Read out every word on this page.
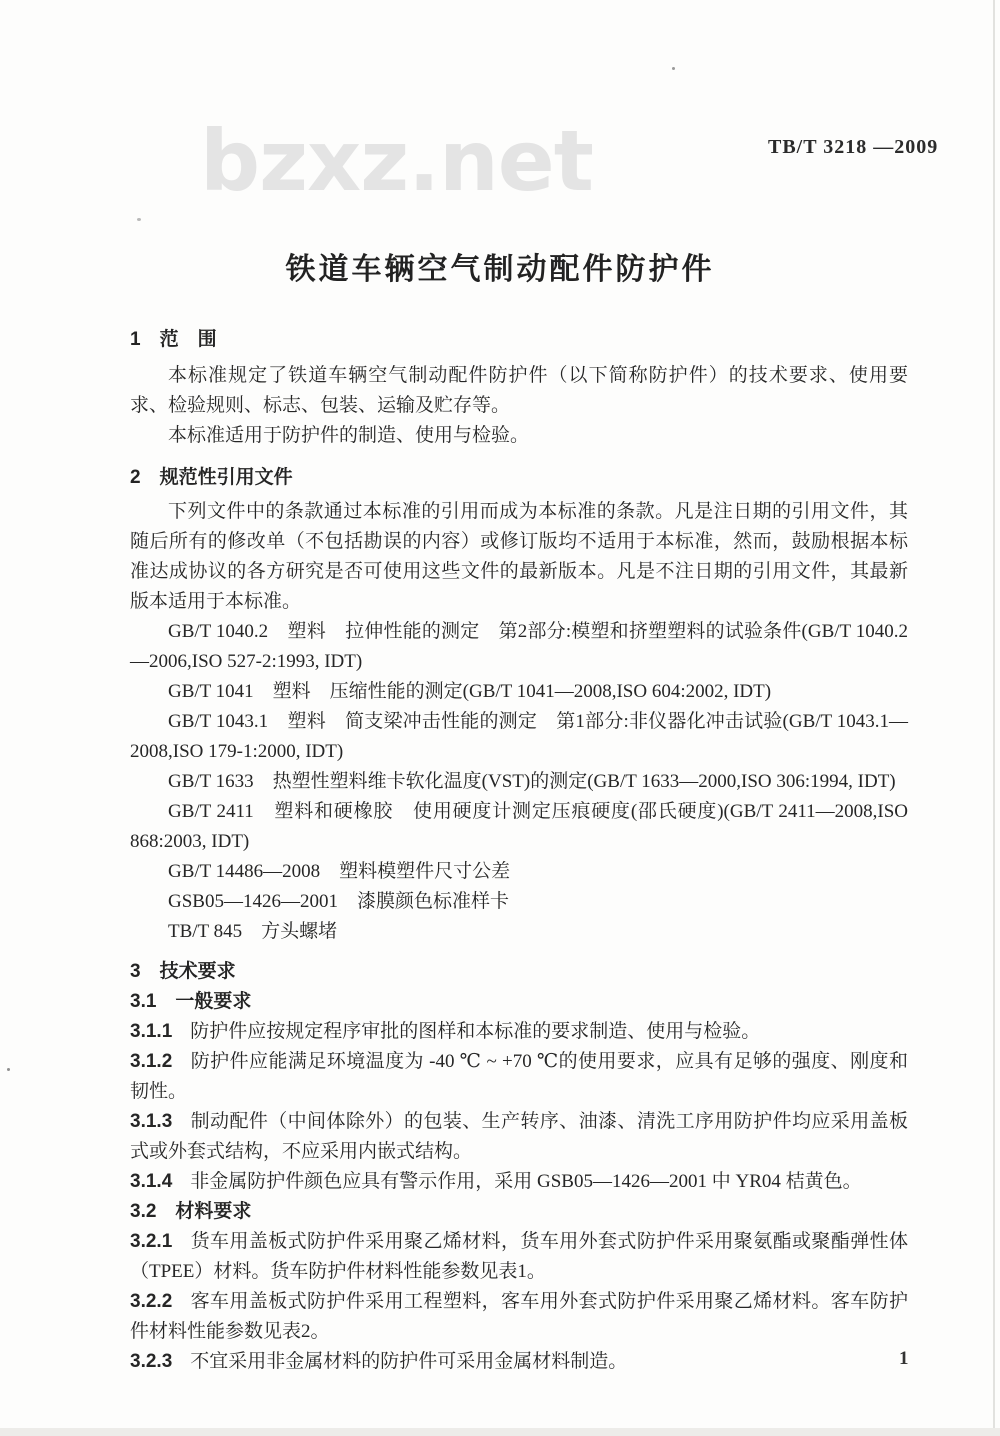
bzxz.net	TB/T 3218 —2009
铁道车辆空气制动配件防护件
1　范　围

本标准规定了铁道车辆空气制动配件防护件（以下简称防护件）的技术要求、使用要求、检验规则、标志、包装、运输及贮存等。

本标准适用于防护件的制造、使用与检验。

2　规范性引用文件

下列文件中的条款通过本标准的引用而成为本标准的条款。凡是注日期的引用文件，其随后所有的修改单（不包括勘误的内容）或修订版均不适用于本标准，然而，鼓励根据本标准达成协议的各方研究是否可使用这些文件的最新版本。凡是不注日期的引用文件，其最新版本适用于本标准。

GB/T 1040.2　塑料　拉伸性能的测定　第2部分:模塑和挤塑塑料的试验条件(GB/T 1040.2—2006,ISO 527-2:1993, IDT)

GB/T 1041　塑料　压缩性能的测定(GB/T 1041—2008,ISO 604:2002, IDT)

GB/T 1043.1　塑料　简支梁冲击性能的测定　第1部分:非仪器化冲击试验(GB/T 1043.1—2008,ISO 179-1:2000, IDT)

GB/T 1633　热塑性塑料维卡软化温度(VST)的测定(GB/T 1633—2000,ISO 306:1994, IDT)

GB/T 2411　塑料和硬橡胶　使用硬度计测定压痕硬度(邵氏硬度)(GB/T 2411—2008,ISO 868:2003, IDT)

GB/T 14486—2008　塑料模塑件尺寸公差

GSB05—1426—2001　漆膜颜色标准样卡

TB/T 845　方头螺堵

3　技术要求
3.1　一般要求

3.1.1 防护件应按规定程序审批的图样和本标准的要求制造、使用与检验。

3.1.2 防护件应能满足环境温度为 -40 ℃ ~ +70 ℃的使用要求，应具有足够的强度、刚度和韧性。

3.1.3 制动配件（中间体除外）的包装、生产转序、油漆、清洗工序用防护件均应采用盖板式或外套式结构，不应采用内嵌式结构。

3.1.4 非金属防护件颜色应具有警示作用，采用 GSB05—1426—2001 中 YR04 桔黄色。

3.2　材料要求

3.2.1 货车用盖板式防护件采用聚乙烯材料，货车用外套式防护件采用聚氨酯或聚酯弹性体（TPEE）材料。货车防护件材料性能参数见表1。

3.2.2 客车用盖板式防护件采用工程塑料，客车用外套式防护件采用聚乙烯材料。客车防护件材料性能参数见表2。

3.2.3 不宜采用非金属材料的防护件可采用金属材料制造。	1
